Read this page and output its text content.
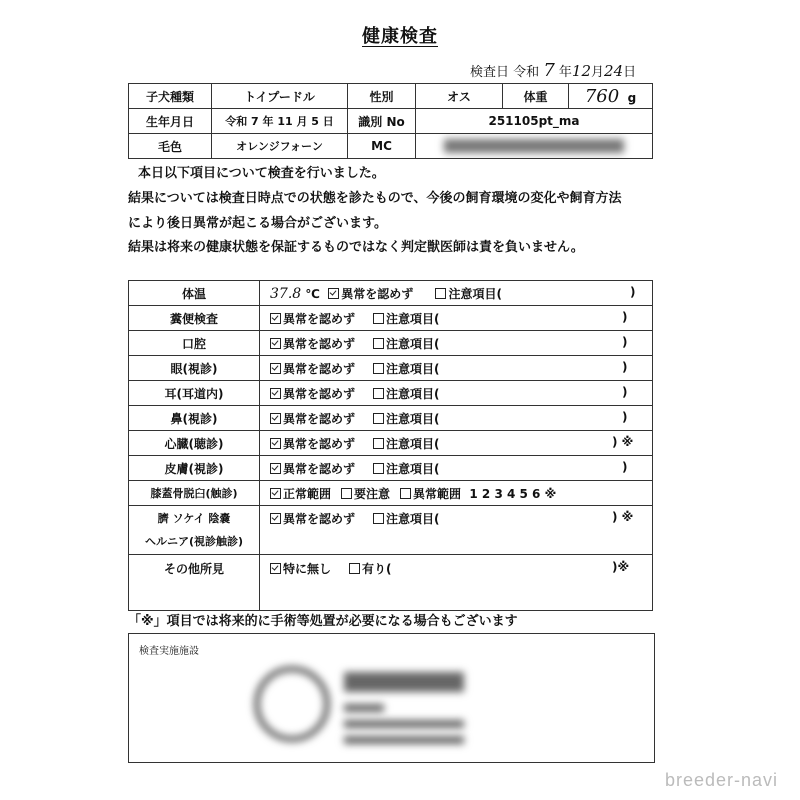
健康検査
検査日 令和 7 年12月24日
子犬種類	トイプードル	性別	オス	体重	760 g
生年月日	令和 7 年 11 月 5 日	識別 No	251105pt_ma		
毛色	オレンジフォーン	MC			
本日以下項目について検査を行いました。
結果については検査日時点での状態を診たもので、今後の飼育環境の変化や飼育方法
により後日異常が起こる場合がございます。
結果は将来の健康状態を保証するものではなく判定獣医師は責を負いません。
体温	37.8 ℃ 異常を認めず 注意項目( )

糞便検査	異常を認めず 注意項目( )

口腔	異常を認めず 注意項目( )

眼(視診)	異常を認めず 注意項目( )

耳(耳道内)	異常を認めず 注意項目( )

鼻(視診)	異常を認めず 注意項目( )

心臓(聴診)	異常を認めず 注意項目( ) ※

皮膚(視診)	異常を認めず 注意項目( )

膝蓋骨脱臼(触診)	正常範囲 要注意 異常範囲 1 2 3 4 5 6 ※
臍 ソケイ 陰嚢
ヘルニア(視診触診)	異常を認めず 注意項目( ) ※

その他所見	特に無し 有り( )※
「※」項目では将来的に手術等処置が必要になる場合もございます
検査実施施設
breeder-navi
